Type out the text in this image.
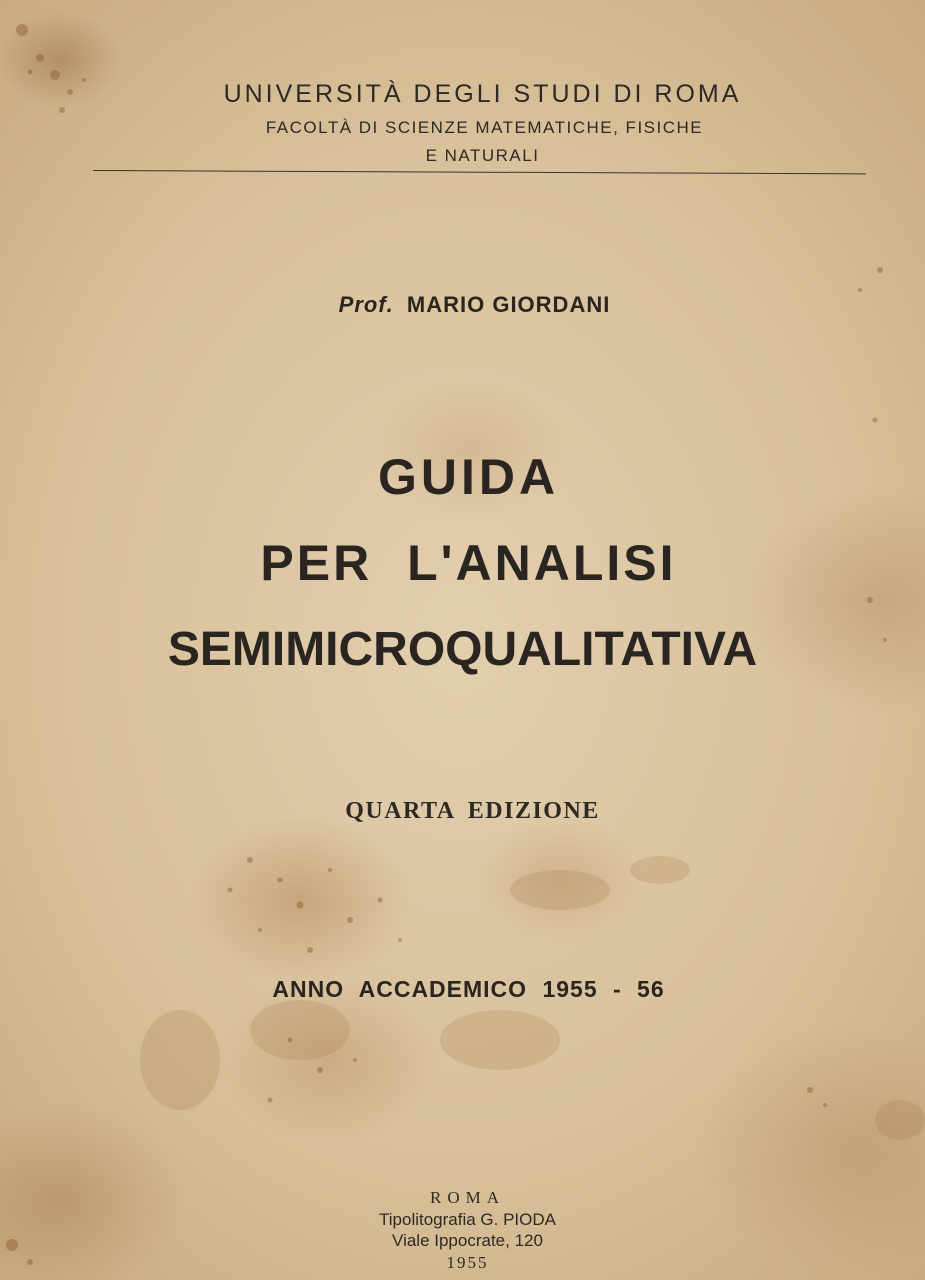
UNIVERSITÀ DEGLI STUDI DI ROMA
FACOLTÀ DI SCIENZE MATEMATICHE, FISICHE
E NATURALI
Prof. MARIO GIORDANI
GUIDA
PER L'ANALISI
SEMIMICROQUALITATIVA
QUARTA EDIZIONE
ANNO ACCADEMICO 1955 - 56
ROMA
Tipolitografia G. PIODA
Viale Ippocrate, 120
1955
